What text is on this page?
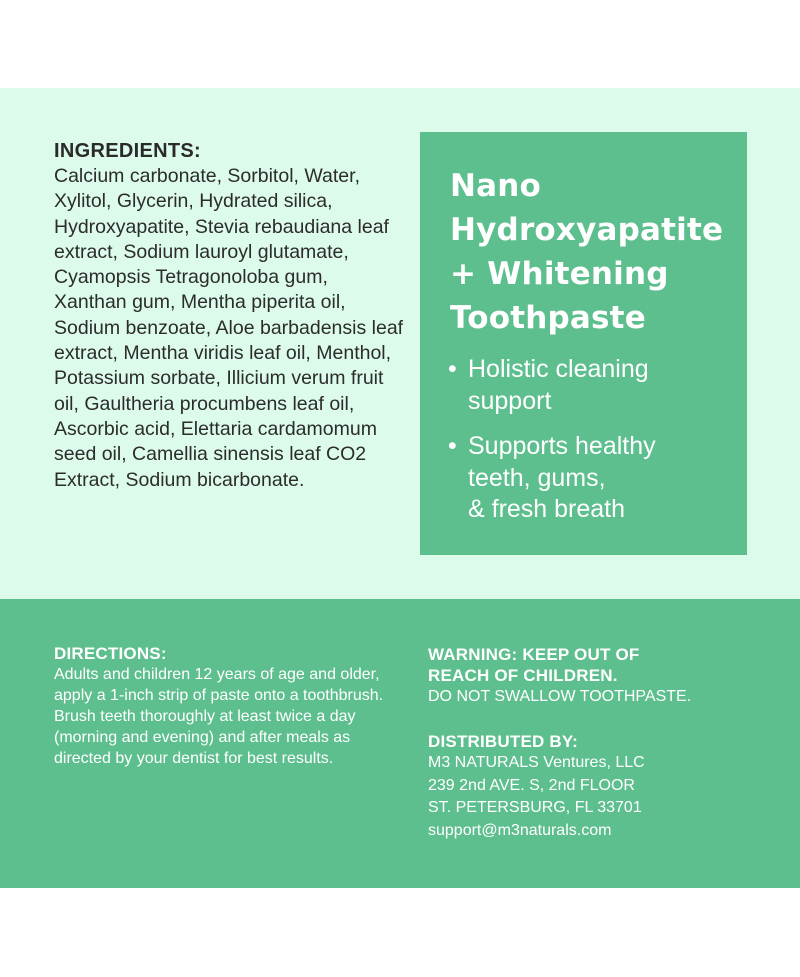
INGREDIENTS:

Calcium carbonate, Sorbitol, Water, Xylitol, Glycerin, Hydrated silica, Hydroxyapatite, Stevia rebaudiana leaf extract, Sodium lauroyl glutamate, Cyamopsis Tetragonoloba gum, Xanthan gum, Mentha piperita oil, Sodium benzoate, Aloe barbadensis leaf extract, Mentha viridis leaf oil, Menthol, Potassium sorbate, Illicium verum fruit oil, Gaultheria procumbens leaf oil, Ascorbic acid, Elettaria cardamomum seed oil, Camellia sinensis leaf CO2 Extract, Sodium bicarbonate.

Nano
Hydroxyapatite
+ Whitening
Toothpaste
• Holistic cleaning
support
• Supports healthy
teeth, gums,
& fresh breath
DIRECTIONS:

Adults and children 12 years of age and older, apply a 1-inch strip of paste onto a toothbrush. Brush teeth thoroughly at least twice a day (morning and evening) and after meals as directed by your dentist for best results.

WARNING: KEEP OUT OF
REACH OF CHILDREN.

DO NOT SWALLOW TOOTHPASTE.

DISTRIBUTED BY:

M3 NATURALS Ventures, LLC

239 2nd AVE. S, 2nd FLOOR

ST. PETERSBURG, FL 33701

support@m3naturals.com
